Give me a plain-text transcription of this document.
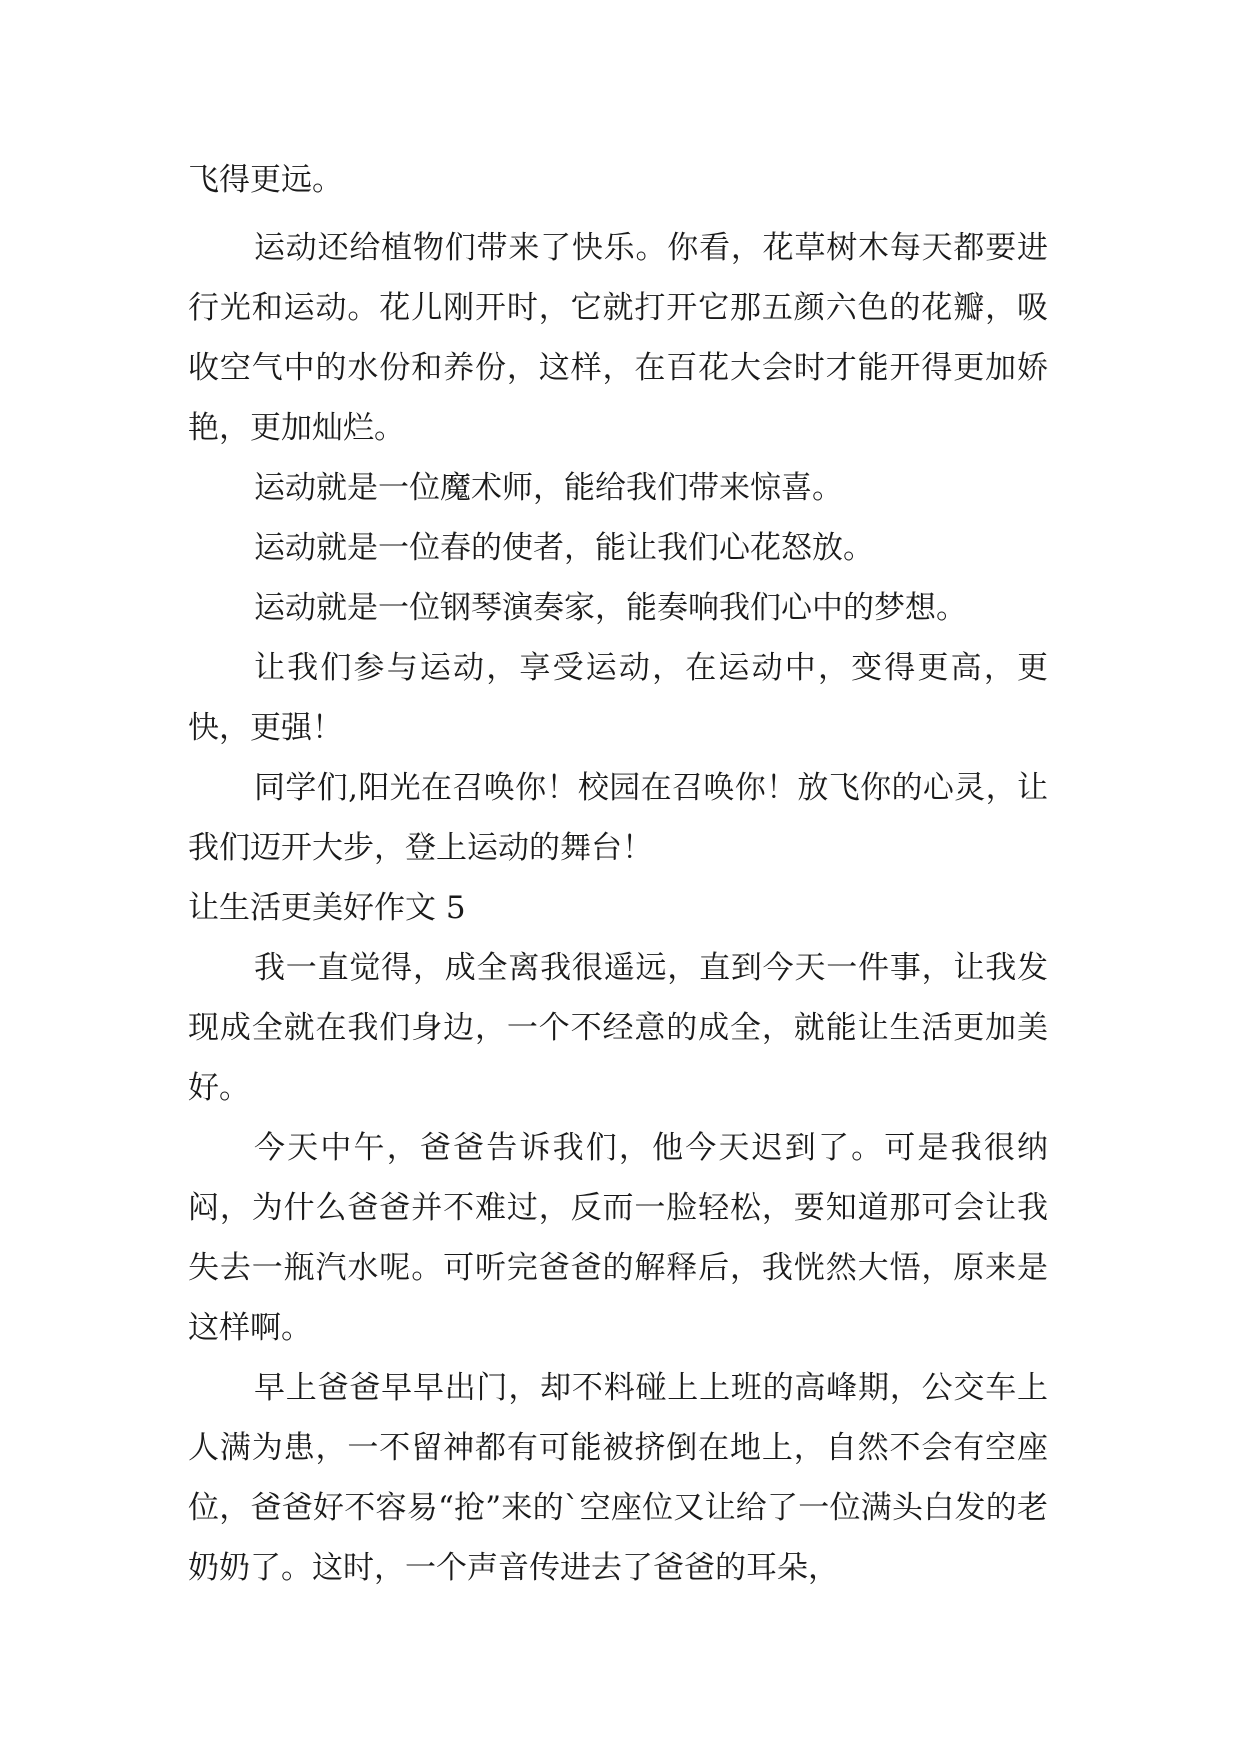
飞得更远。

运动还给植物们带来了快乐。你看，花草树木每天都要进行光和运动。花儿刚开时，它就打开它那五颜六色的花瓣，吸收空气中的水份和养份，这样，在百花大会时才能开得更加娇艳，更加灿烂。

运动就是一位魔术师，能给我们带来惊喜。

运动就是一位春的使者，能让我们心花怒放。

运动就是一位钢琴演奏家，能奏响我们心中的梦想。

让我们参与运动，享受运动，在运动中，变得更高，更快，更强！

同学们,阳光在召唤你！校园在召唤你！放飞你的心灵，让我们迈开大步，登上运动的舞台！

让生活更美好作文 5

我一直觉得，成全离我很遥远，直到今天一件事，让我发现成全就在我们身边，一个不经意的成全，就能让生活更加美好。

今天中午，爸爸告诉我们，他今天迟到了。可是我很纳闷，为什么爸爸并不难过，反而一脸轻松，要知道那可会让我失去一瓶汽水呢。可听完爸爸的解释后，我恍然大悟，原来是这样啊。

早上爸爸早早出门，却不料碰上上班的高峰期，公交车上人满为患，一不留神都有可能被挤倒在地上，自然不会有空座位，爸爸好不容易“抢”来的`空座位又让给了一位满头白发的老奶奶了。这时，一个声音传进去了爸爸的耳朵，
